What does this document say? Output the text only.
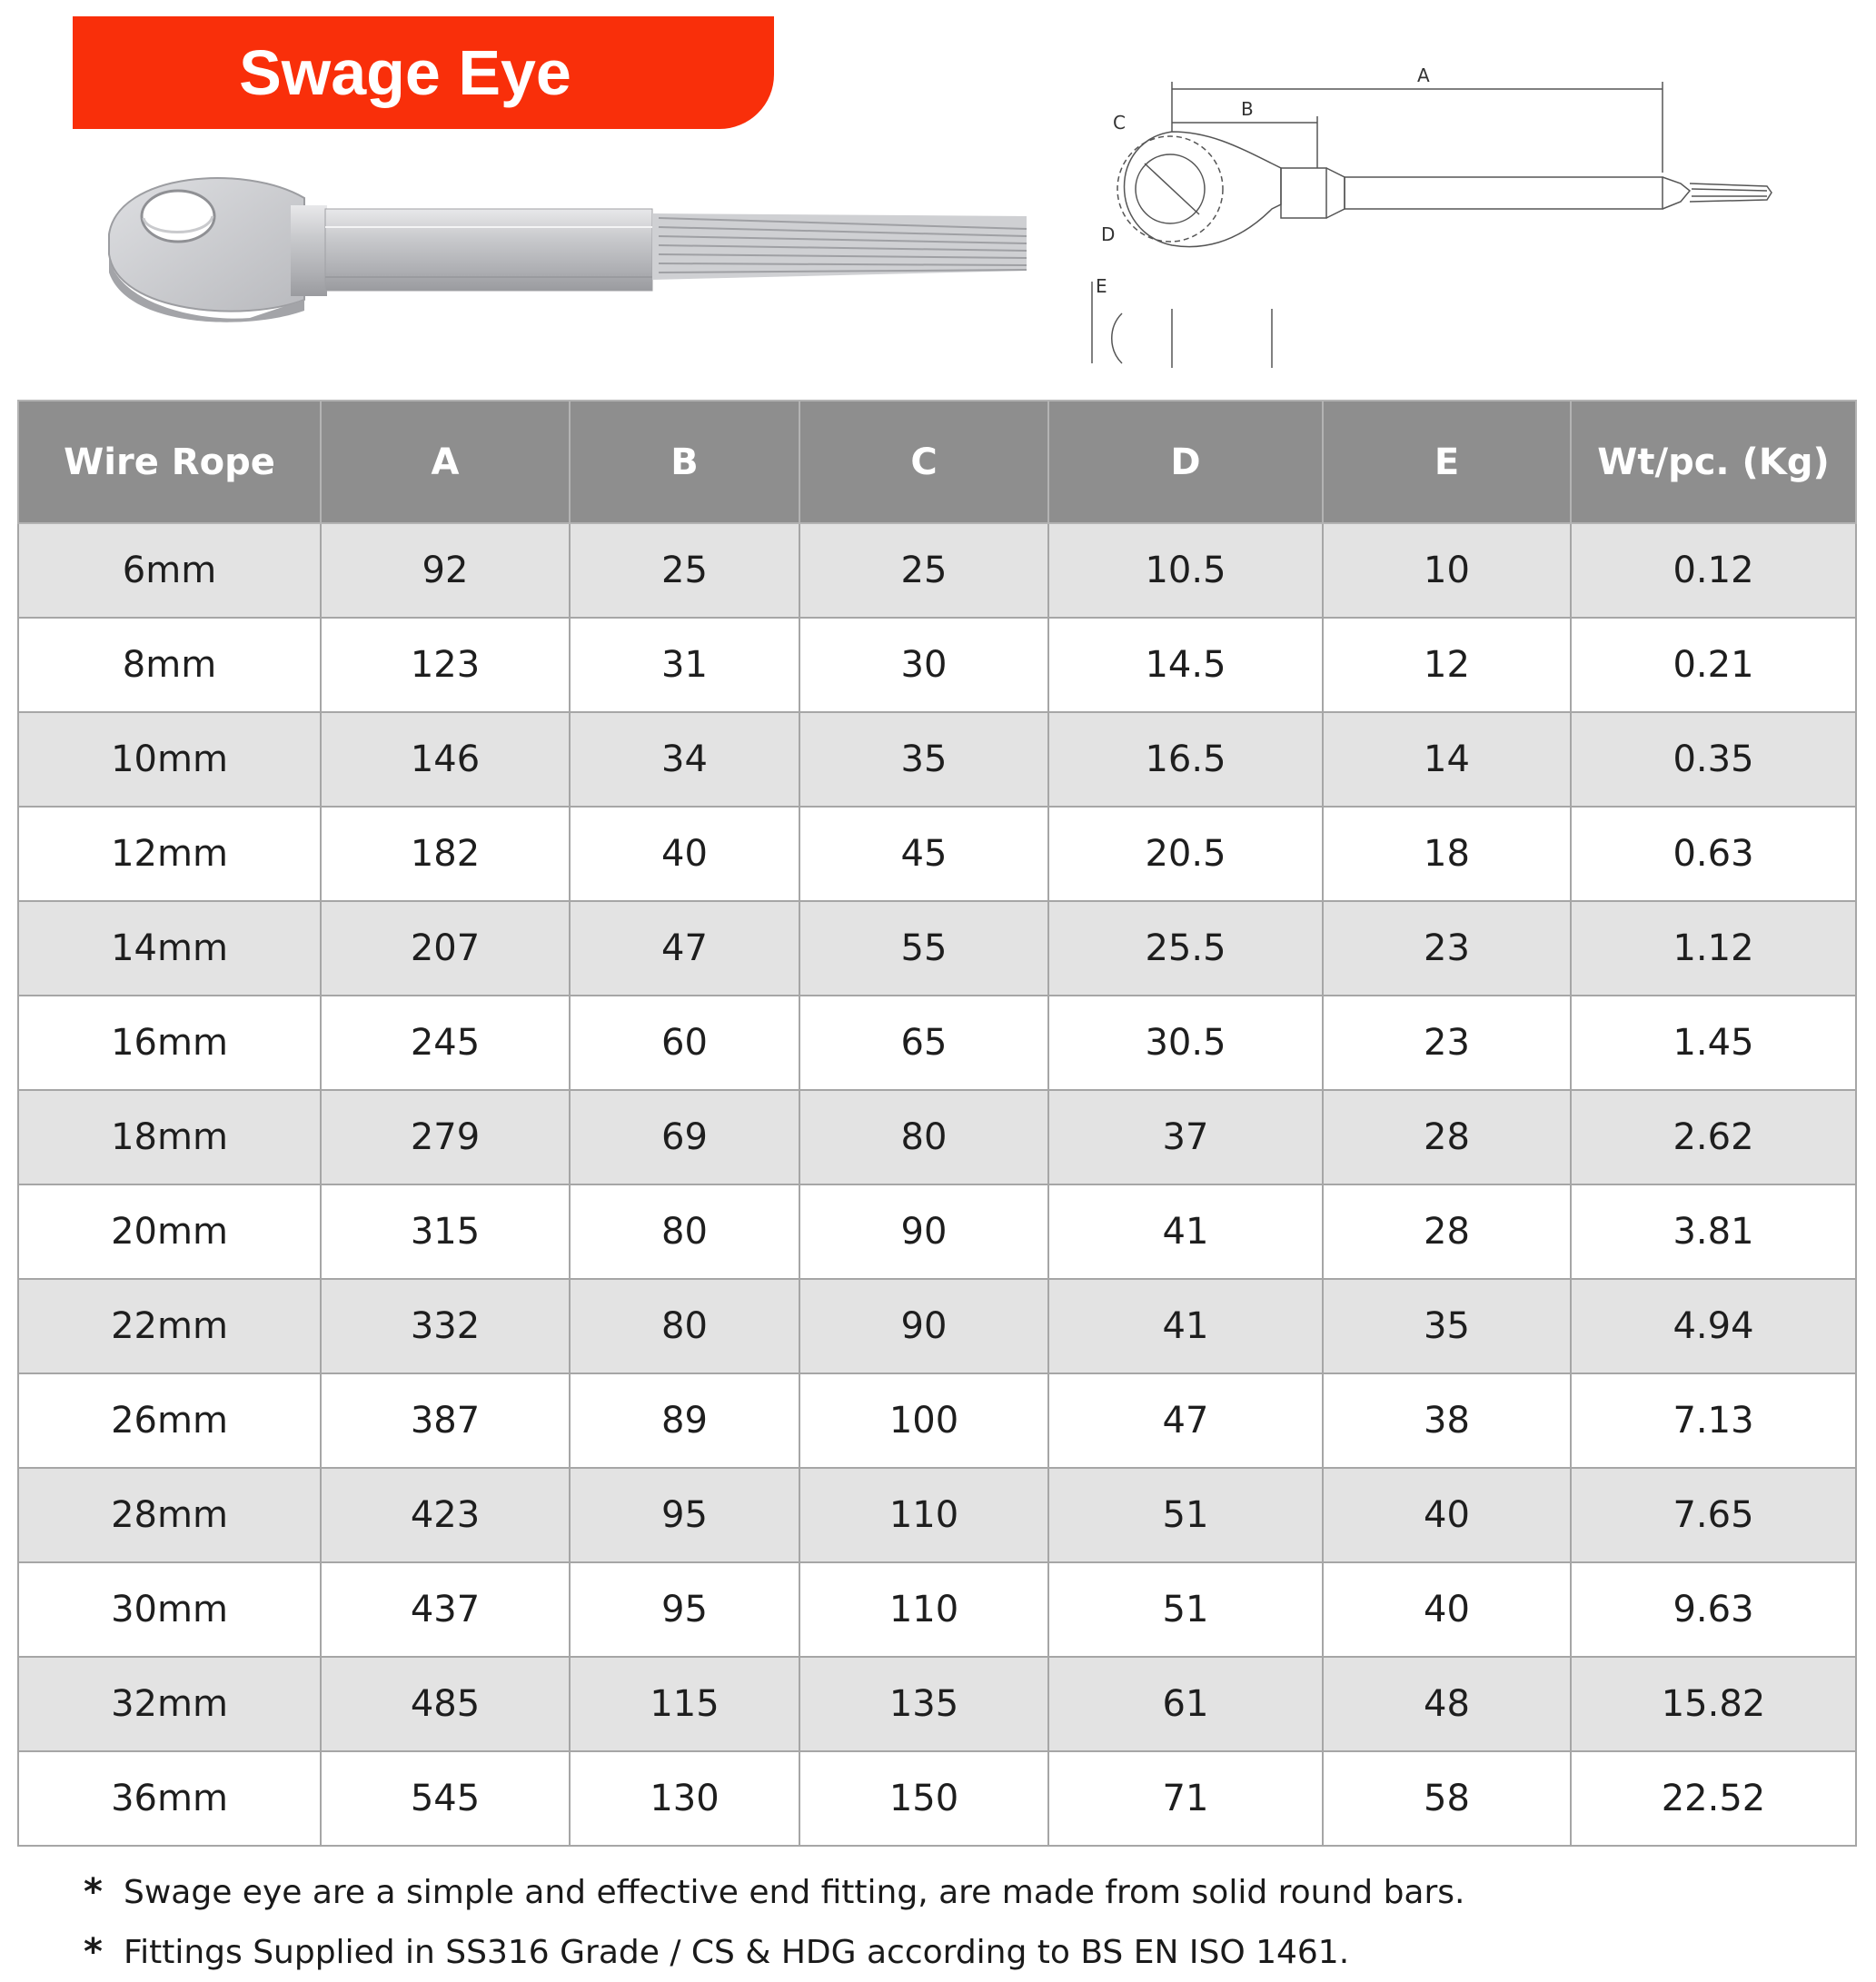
Swage Eye	A
B
C
D
E
Wire Rope	A	B	C	D	E	Wt/pc. (Kg)
6mm	92	25	25	10.5	10	0.12
8mm	123	31	30	14.5	12	0.21
10mm	146	34	35	16.5	14	0.35
12mm	182	40	45	20.5	18	0.63
14mm	207	47	55	25.5	23	1.12
16mm	245	60	65	30.5	23	1.45
18mm	279	69	80	37	28	2.62
20mm	315	80	90	41	28	3.81
22mm	332	80	90	41	35	4.94
26mm	387	89	100	47	38	7.13
28mm	423	95	110	51	40	7.65
30mm	437	95	110	51	40	9.63
32mm	485	115	135	61	48	15.82
36mm	545	130	150	71	58	22.52
* Swage eye are a simple and effective end fitting, are made from solid round bars.
* Fittings Supplied in SS316 Grade / CS & HDG according to BS EN ISO 1461.
